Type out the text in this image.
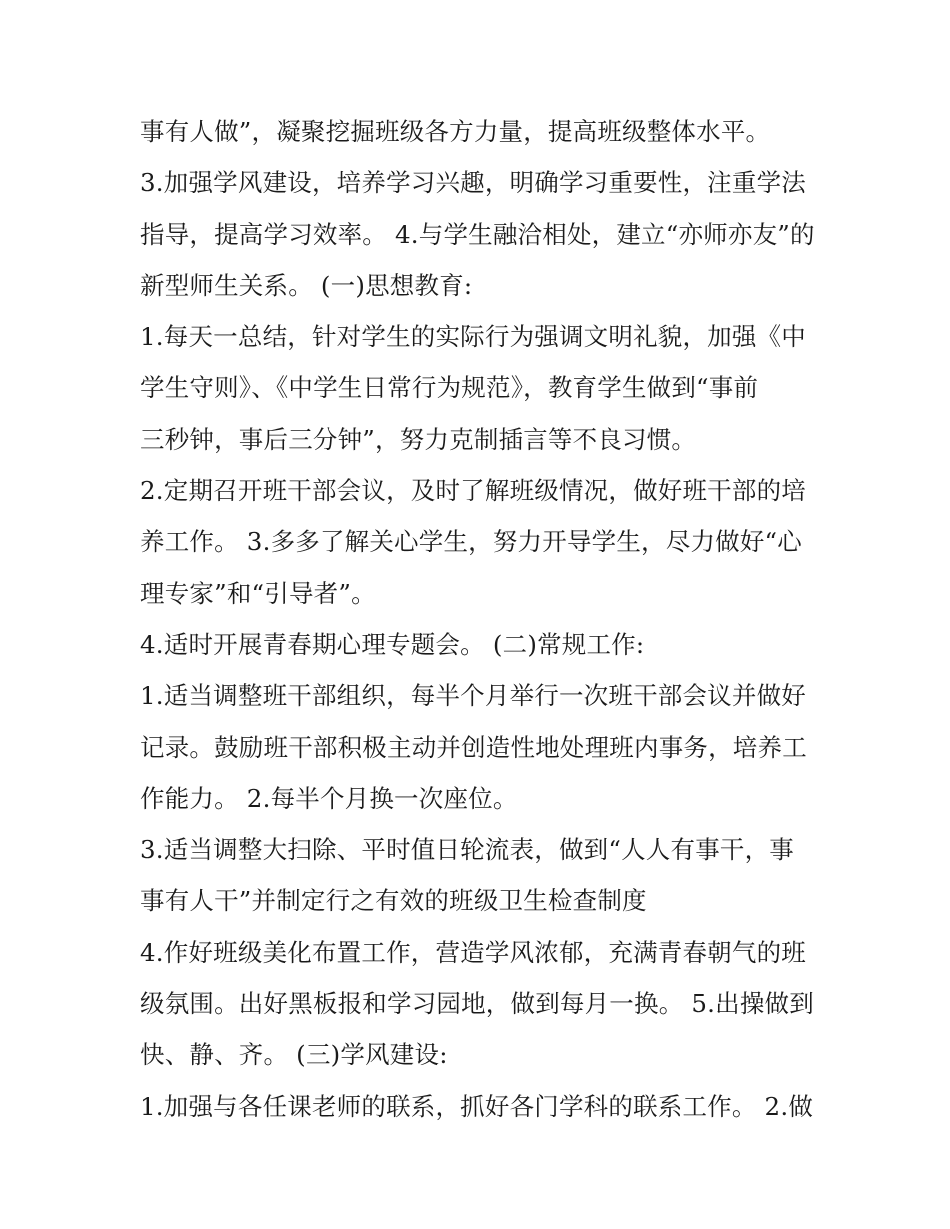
事有人做”，凝聚挖掘班级各方力量，提高班级整体水平。
3.加强学风建设，培养学习兴趣，明确学习重要性，注重学法
指导，提高学习效率。 4.与学生融洽相处，建立“亦师亦友”的
新型师生关系。 (一)思想教育:
1.每天一总结，针对学生的实际行为强调文明礼貌，加强《中
学生守则》、《中学生日常行为规范》，教育学生做到“事前
三秒钟，事后三分钟”，努力克制插言等不良习惯。
2.定期召开班干部会议，及时了解班级情况，做好班干部的培
养工作。 3.多多了解关心学生，努力开导学生，尽力做好“心
理专家”和“引导者”。
4.适时开展青春期心理专题会。 (二)常规工作:
1.适当调整班干部组织，每半个月举行一次班干部会议并做好
记录。鼓励班干部积极主动并创造性地处理班内事务，培养工
作能力。 2.每半个月换一次座位。
3.适当调整大扫除、平时值日轮流表，做到“人人有事干，事
事有人干”并制定行之有效的班级卫生检查制度
4.作好班级美化布置工作，营造学风浓郁，充满青春朝气的班
级氛围。出好黑板报和学习园地，做到每月一换。 5.出操做到
快、静、齐。 (三)学风建设:
1.加强与各任课老师的联系，抓好各门学科的联系工作。 2.做
